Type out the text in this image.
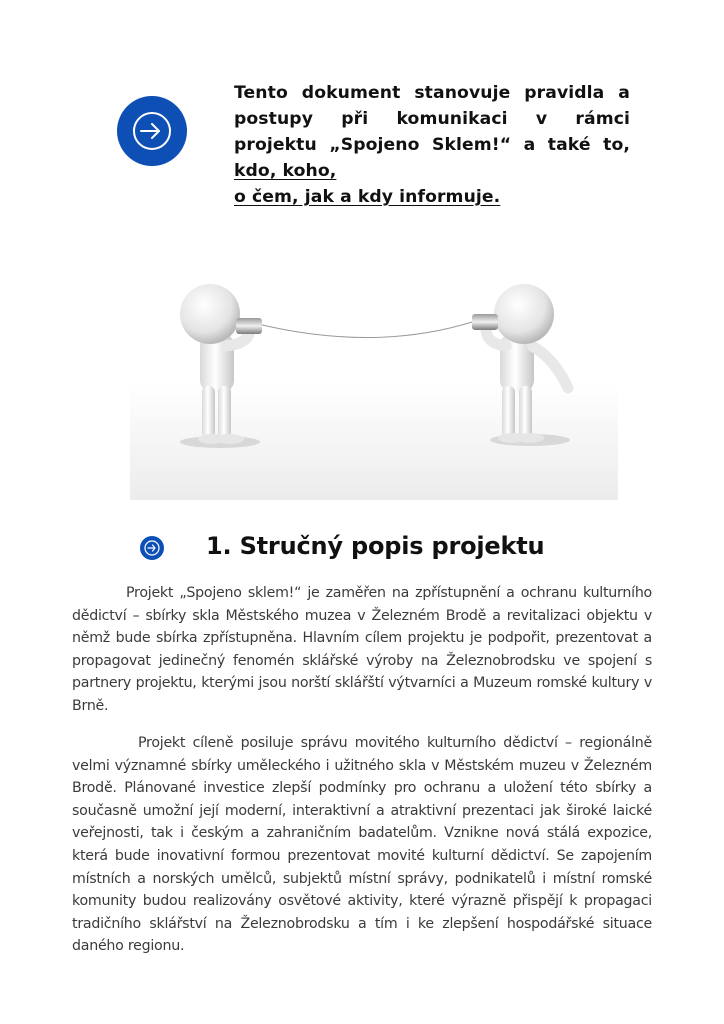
Tento dokument stanovuje pravidla a postupy při komunikaci v rámci projektu „Spojeno Sklem!“ a také to, kdo, koho,
o čem, jak a kdy informuje.

1. Stručný popis projektu

Projekt „Spojeno sklem!“ je zaměřen na zpřístupnění a ochranu kulturního dědictví – sbírky skla Městského muzea v Železném Brodě a revitalizaci objektu v němž bude sbírka zpřístupněna. Hlavním cílem projektu je podpořit, prezentovat a propagovat jedinečný fenomén sklářské výroby na Železnobrodsku ve spojení s partnery projektu, kterými jsou norští sklářští výtvarníci a Muzeum romské kultury v Brně.

Projekt cíleně posiluje správu movitého kulturního dědictví – regionálně velmi významné sbírky uměleckého i užitného skla v Městském muzeu v Železném Brodě. Plánované investice zlepší podmínky pro ochranu a uložení této sbírky a současně umožní její moderní, interaktivní a atraktivní prezentaci jak široké laické veřejnosti, tak i českým a zahraničním badatelům. Vznikne nová stálá expozice, která bude inovativní formou prezentovat movité kulturní dědictví. Se zapojením místních a norských umělců, subjektů místní správy, podnikatelů i místní romské komunity budou realizovány osvětové aktivity, které výrazně přispějí k propagaci tradičního sklářství na Železnobrodsku a tím i ke zlepšení hospodářské situace daného regionu.
